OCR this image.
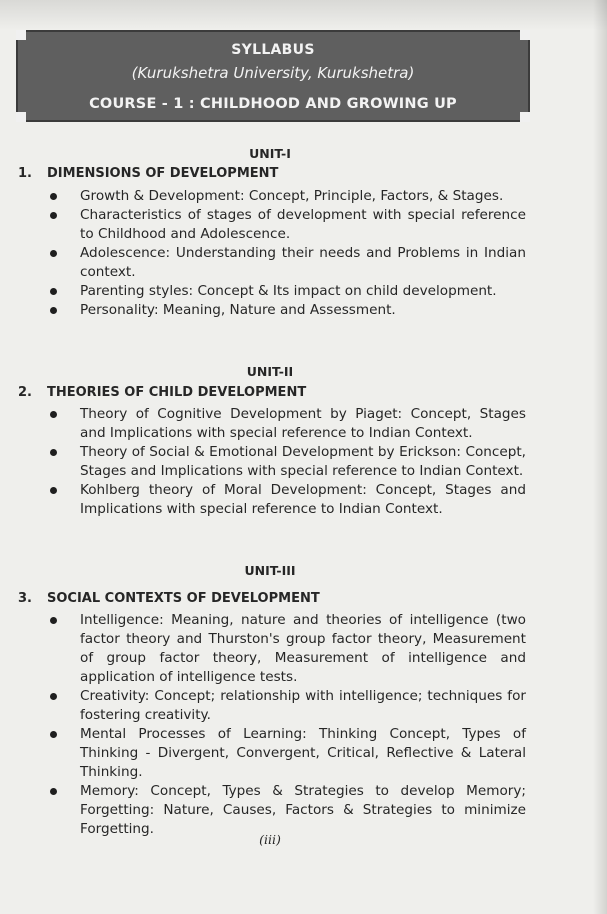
SYLLABUS
(Kurukshetra University, Kurukshetra)
COURSE - 1 : CHILDHOOD AND GROWING UP
UNIT-I
1. DIMENSIONS OF DEVELOPMENT
Growth & Development: Concept, Principle, Factors, & Stages.
Characteristics of stages of development with special reference to Childhood and Adolescence.
Adolescence: Understanding their needs and Problems in Indian context.
Parenting styles: Concept & Its impact on child development.
Personality: Meaning, Nature and Assessment.
UNIT-II
2. THEORIES OF CHILD DEVELOPMENT
Theory of Cognitive Development by Piaget: Concept, Stages and Implications with special reference to Indian Context.
Theory of Social & Emotional Development by Erickson: Concept, Stages and Implications with special reference to Indian Context.
Kohlberg theory of Moral Development: Concept, Stages and Implications with special reference to Indian Context.
UNIT-III
3. SOCIAL CONTEXTS OF DEVELOPMENT
Intelligence: Meaning, nature and theories of intelligence (two factor theory and Thurston's group factor theory, Measurement of group factor theory, Measurement of intelligence and application of intelligence tests.
Creativity: Concept; relationship with intelligence; techniques for fostering creativity.
Mental Processes of Learning: Thinking Concept, Types of Thinking - Divergent, Convergent, Critical, Reflective & Lateral Thinking.
Memory: Concept, Types & Strategies to develop Memory; Forgetting: Nature, Causes, Factors & Strategies to minimize Forgetting.
(iii)
